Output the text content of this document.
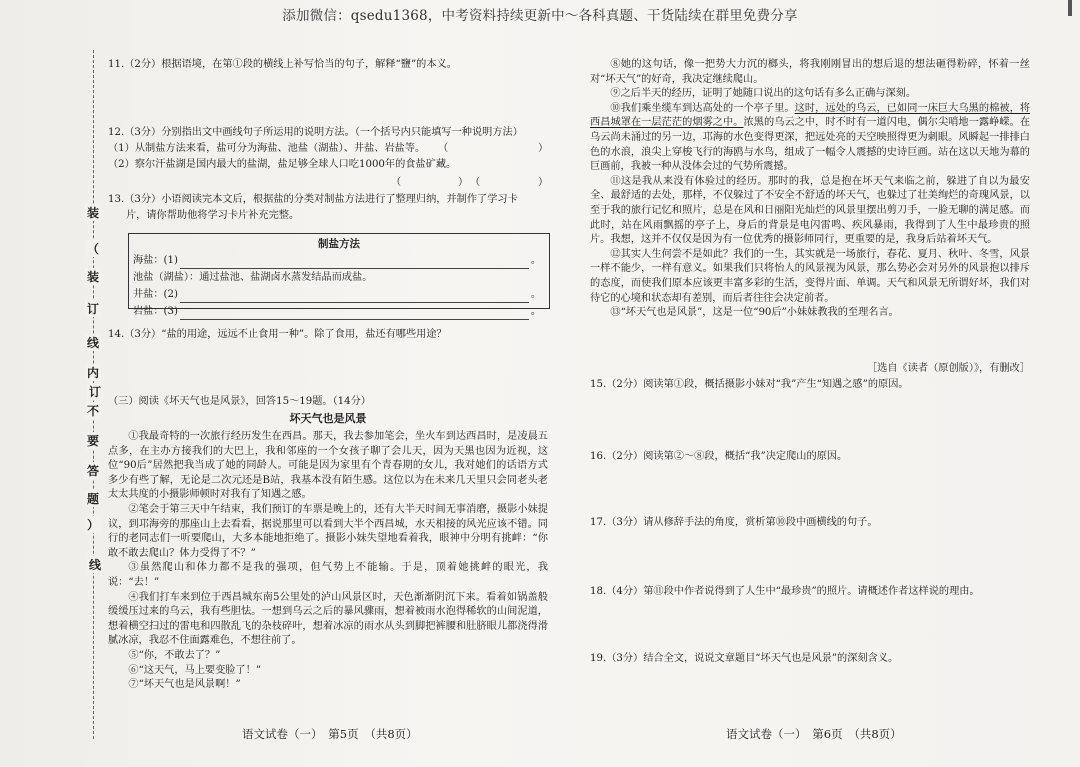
添加微信：qsedu1368，中考资料持续更新中～各科真题、干货陆续在群里免费分享
装
（
装
订
线
内
订
不
要
答
题
）
线
11.（2分）根据语境，在第①段的横线上补写恰当的句子，解释“鹽”的本义。
12.（3分）分别指出文中画线句子所运用的说明方法。（一个括号内只能填写一种说明方法）
（1）从制盐方法来看，盐可分为海盐、池盐（湖盐）、井盐、岩盐等。	（	）
（2）察尔汗盐湖是国内最大的盐湖，盐足够全球人口吃1000年的食盐矿藏。
（	） （	）
13.（3分）小语阅读完本文后，根据盐的分类对制盐方法进行了整理归纳，并制作了学习卡
片，请你帮助他将学习卡片补充完整。
制盐方法
海盐：(1)	。
池盐（湖盐）：通过盐池、盐湖卤水蒸发结晶而成盐。
井盐：(2)	。
岩盐：(3)	。
14.（3分）“盐的用途，远远不止食用一种”。除了食用，盐还有哪些用途？
（三）阅读《坏天气也是风景》，回答15～19题。（14分）
坏天气也是风景

①我最奇特的一次旅行经历发生在西昌。那天，我去参加笔会，坐火车到达西昌时，是凌晨五点多，在主办方接我们的大巴上，我和邻座的一个女孩子聊了会儿天，因为天黑也因为近视，这位“90后”居然把我当成了她的同龄人。可能是因为家里有个青春期的女儿，我对她们的话语方式多少有些了解，无论是二次元还是B站，我基本没有陌生感。这位以为在未来几天里只会同老头老太太共度的小摄影师顿时对我有了知遇之感。

②笔会于第三天中午结束，我们预订的车票是晚上的，还有大半天时间无事消磨，摄影小妹提议，到邛海旁的那座山上去看看，据说那里可以看到大半个西昌城，水天相接的风光应该不错。同行的老同志们一听要爬山，大多本能地拒绝了。摄影小妹失望地看着我，眼神中分明有挑衅：“你敢不敢去爬山？体力受得了不？”

③虽然爬山和体力都不是我的强项，但气势上不能输。于是，顶着她挑衅的眼光，我说：“去！”

④我们打车来到位于西昌城东南5公里处的泸山风景区时，天色渐渐阴沉下来。看着如锅盖般缓缓压过来的乌云，我有些胆怯。一想到乌云之后的暴风骤雨，想着被雨水泡得稀软的山间泥道，想着横空扫过的雷电和四散乱飞的杂枝碎叶，想着冰凉的雨水从头到脚把裤腰和肚脐眼儿都浇得滑腻冰凉，我忍不住面露难色，不想往前了。

⑤“你，不敢去了？”

⑥“这天气，马上要变脸了！”

⑦“坏天气也是风景啊！”

⑧她的这句话，像一把势大力沉的榔头，将我刚刚冒出的想后退的想法砸得粉碎，怀着一丝对“坏天气”的好奇，我决定继续爬山。

⑨之后半天的经历，证明了她随口说出的这句话有多么正确与深刻。

⑩我们乘坐缆车到达高处的一个亭子里。这时，远处的乌云，已如同一床巨大乌黑的棉被，将西昌城罩在一层茫茫的烟雾之中。浓黑的乌云之中，时不时有一道闪电，偶尔尖哨地一露峥嵘。在乌云尚未涌过的另一边，邛海的水色变得更深，把远处亮的天空映照得更为刺眼。风瞬起一排排白色的水浪，浪尖上穿梭飞行的海鸥与水鸟，组成了一幅令人震撼的史诗巨画。站在这以天地为幕的巨画前，我被一种从没体会过的气势所震撼。

⑪这是我从来没有体验过的经历。那时的我，总是抱在坏天气来临之前，躲进了自以为最安全、最舒适的去处，那样，不仅躲过了不安全不舒适的坏天气，也躲过了壮美绚烂的奇瑰风景，以至于我的旅行记忆和照片，总是在风和日丽阳光灿烂的风景里摆出剪刀手，一脸无聊的满足感。而此时，站在风雨飘摇的亭子上，身后的背景是电闪雷鸣、疾风暴雨，我得到了人生中最珍贵的照片。我想，这并不仅仅是因为有一位优秀的摄影师同行，更重要的是，我身后站着坏天气。

⑫其实人生何尝不是如此？我们的一生，其实就是一场旅行，春花、夏月、秋叶、冬雪，风景一样不能少，一样有意义。如果我们只将怡人的风景视为风景，那么势必会对另外的风景抱以排斥的态度，而使我们原本应该更丰富多彩的生活，变得片面、单调。天气和风景无所谓好坏，我们对待它的心境和状态却有差别，而后者往往会决定前者。

⑬“坏天气也是风景”，这是一位“90后”小妹妹教我的至理名言。

［选自《读者（原创版）》，有删改］
15.（2分）阅读第①段，概括摄影小妹对“我”产生“知遇之感”的原因。
16.（2分）阅读第②～⑧段，概括“我”决定爬山的原因。
17.（3分）请从修辞手法的角度，赏析第⑩段中画横线的句子。
18.（4分）第⑪段中作者说得到了人生中“最珍贵”的照片。请概述作者这样说的理由。
19.（3分）结合全文，说说文章题目“坏天气也是风景”的深刻含义。
语文试卷（一）　第5页　（共8页）	语文试卷（一）　第6页　（共8页）
